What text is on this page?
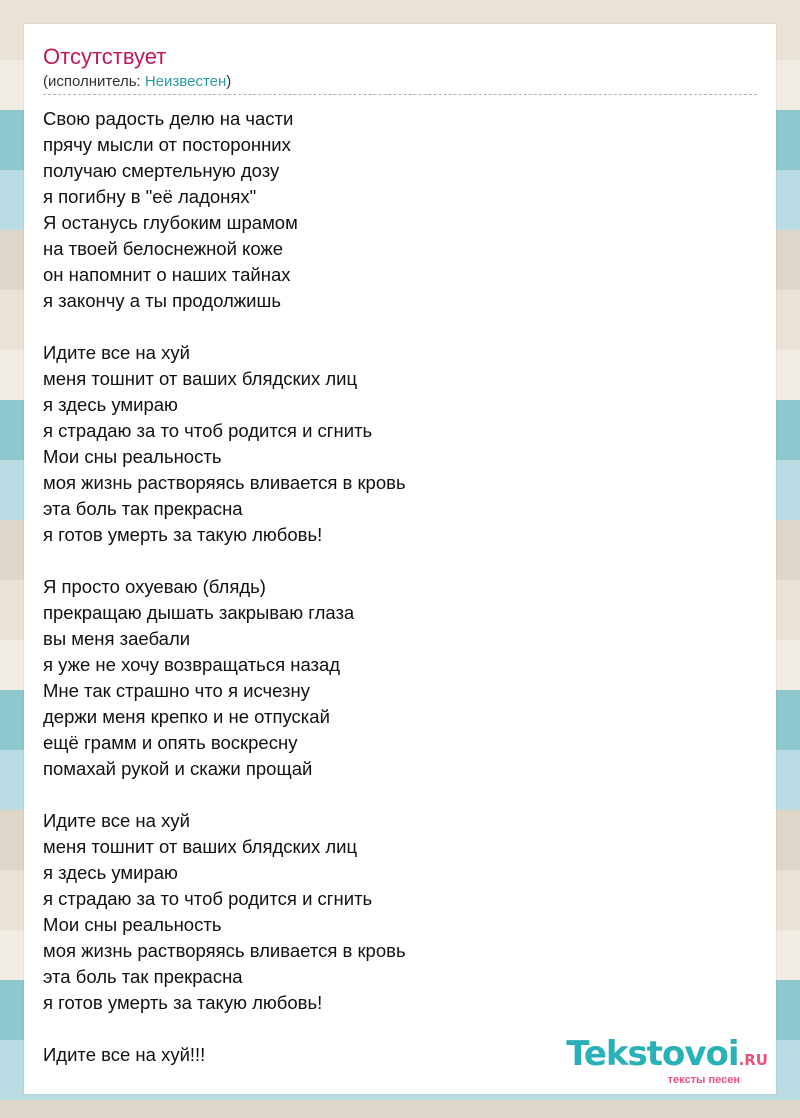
Отсутствует
(исполнитель: Неизвестен)
Свою радость делю на части
прячу мысли от посторонних
получаю смертельную дозу
я погибну в "её ладонях"
Я останусь глубоким шрамом
на твоей белоснежной коже
он напомнит о наших тайнах
я закончу а ты продолжишь
Идите все на хуй
меня тошнит от ваших блядских лиц
я здесь умираю
я страдаю за то чтоб родится и сгнить
Мои сны реальность
моя жизнь растворяясь вливается в кровь
эта боль так прекрасна
я готов умерть за такую любовь!
Я просто охуеваю (блядь)
прекращаю дышать закрываю глаза
вы меня заебали
я уже не хочу возвращаться назад
Мне так страшно что я исчезну
держи меня крепко и не отпускай
ещё грамм и опять воскресну
помахай рукой и скажи прощай
Идите все на хуй
меня тошнит от ваших блядских лиц
я здесь умираю
я страдаю за то чтоб родится и сгнить
Мои сны реальность
моя жизнь растворяясь вливается в кровь
эта боль так прекрасна
я готов умерть за такую любовь!
Идите все на хуй!!!	Tekstovoi.RU
тексты песен
